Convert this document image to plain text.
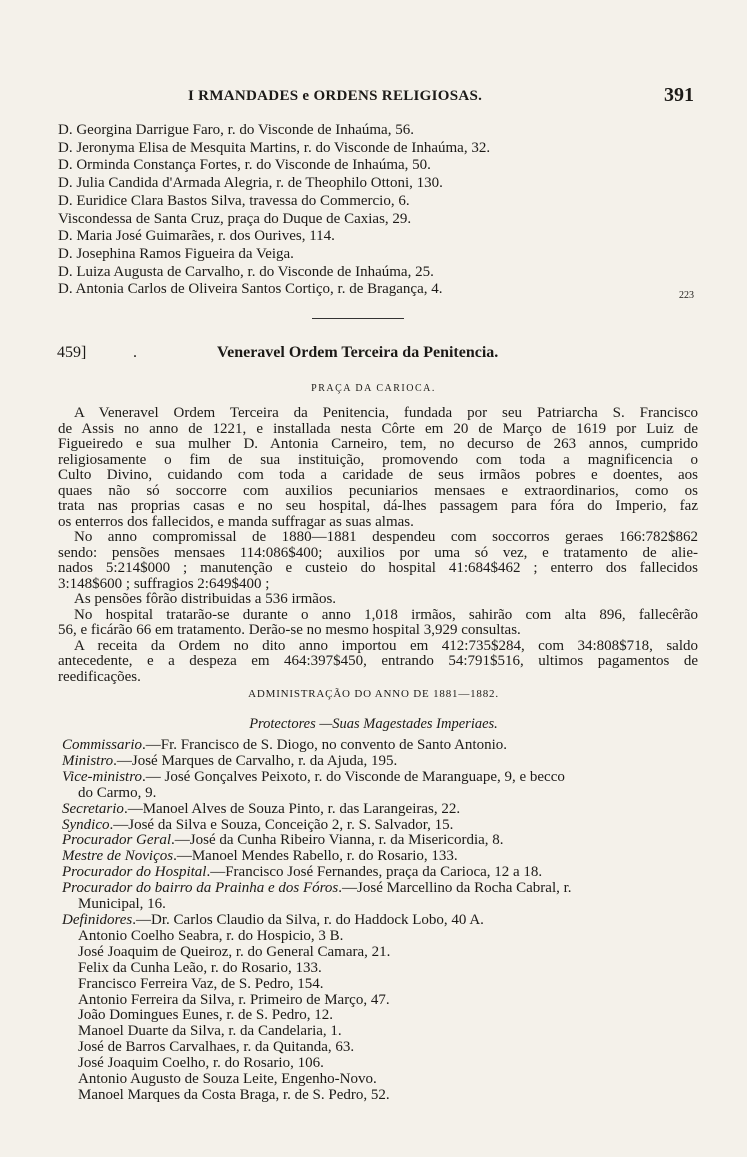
I RMANDADES e ORDENS RELIGIOSAS.	391
D. Georgina Darrigue Faro, r. do Visconde de Inhaúma, 56.
D. Jeronyma Elisa de Mesquita Martins, r. do Visconde de Inhaúma, 32.
D. Orminda Constança Fortes, r. do Visconde de Inhaúma, 50.
D. Julia Candida d'Armada Alegria, r. de Theophilo Ottoni, 130.
D. Euridice Clara Bastos Silva, travessa do Commercio, 6.
Viscondessa de Santa Cruz, praça do Duque de Caxias, 29.
D. Maria José Guimarães, r. dos Ourives, 114.
D. Josephina Ramos Figueira da Veiga.
D. Luiza Augusta de Carvalho, r. do Visconde de Inhaúma, 25.
D. Antonia Carlos de Oliveira Santos Cortiço, r. de Bragança, 4.	223
459]	.	Veneravel Ordem Terceira da Penitencia.
PRAÇA DA CARIOCA.
A Veneravel Ordem Terceira da Penitencia, fundada por seu Patriarcha S. Francisco
de Assis no anno de 1221, e installada nesta Côrte em 20 de Março de 1619 por Luiz de
Figueiredo e sua mulher D. Antonia Carneiro, tem, no decurso de 263 annos, cumprido
religiosamente o fim de sua instituição, promovendo com toda a magnificencia o
Culto Divino, cuidando com toda a caridade de seus irmãos pobres e doentes, aos
quaes não só soccorre com auxilios pecuniarios mensaes e extraordinarios, como os
trata nas proprias casas e no seu hospital, dá-lhes passagem para fóra do Imperio, faz
os enterros dos fallecidos, e manda suffragar as suas almas.
No anno compromissal de 1880—1881 despendeu com soccorros geraes 166:782$862
sendo: pensões mensaes 114:086$400; auxilios por uma só vez, e tratamento de alie-
nados 5:214$000 ; manutenção e custeio do hospital 41:684$462 ; enterro dos fallecidos
3:148$600 ; suffragios 2:649$400 ;
As pensões fôrão distribuidas a 536 irmãos.
No hospital tratarão-se durante o anno 1,018 irmãos, sahirão com alta 896, fallecêrão
56, e ficárão 66 em tratamento. Derão-se no mesmo hospital 3,929 consultas.
A receita da Ordem no dito anno importou em 412:735$284, com 34:808$718, saldo
antecedente, e a despeza em 464:397$450, entrando 54:791$516, ultimos pagamentos de
reedificações.
ADMINISTRAÇÃO DO ANNO DE 1881—1882.
Protectores —Suas Magestades Imperiaes.
Commissario.—Fr. Francisco de S. Diogo, no convento de Santo Antonio.
Ministro.—José Marques de Carvalho, r. da Ajuda, 195.
Vice-ministro.— José Gonçalves Peixoto, r. do Visconde de Maranguape, 9, e becco
do Carmo, 9.
Secretario.—Manoel Alves de Souza Pinto, r. das Larangeiras, 22.
Syndico.—José da Silva e Souza, Conceição 2, r. S. Salvador, 15.
Procurador Geral.—José da Cunha Ribeiro Vianna, r. da Misericordia, 8.
Mestre de Noviços.—Manoel Mendes Rabello, r. do Rosario, 133.
Procurador do Hospital.—Francisco José Fernandes, praça da Carioca, 12 a 18.
Procurador do bairro da Prainha e dos Fóros.—José Marcellino da Rocha Cabral, r.
Municipal, 16.
Definidores.—Dr. Carlos Claudio da Silva, r. do Haddock Lobo, 40 A.
Antonio Coelho Seabra, r. do Hospicio, 3 B.
José Joaquim de Queiroz, r. do General Camara, 21.
Felix da Cunha Leão, r. do Rosario, 133.
Francisco Ferreira Vaz, de S. Pedro, 154.
Antonio Ferreira da Silva, r. Primeiro de Março, 47.
João Domingues Eunes, r. de S. Pedro, 12.
Manoel Duarte da Silva, r. da Candelaria, 1.
José de Barros Carvalhaes, r. da Quitanda, 63.
José Joaquim Coelho, r. do Rosario, 106.
Antonio Augusto de Souza Leite, Engenho-Novo.
Manoel Marques da Costa Braga, r. de S. Pedro, 52.
